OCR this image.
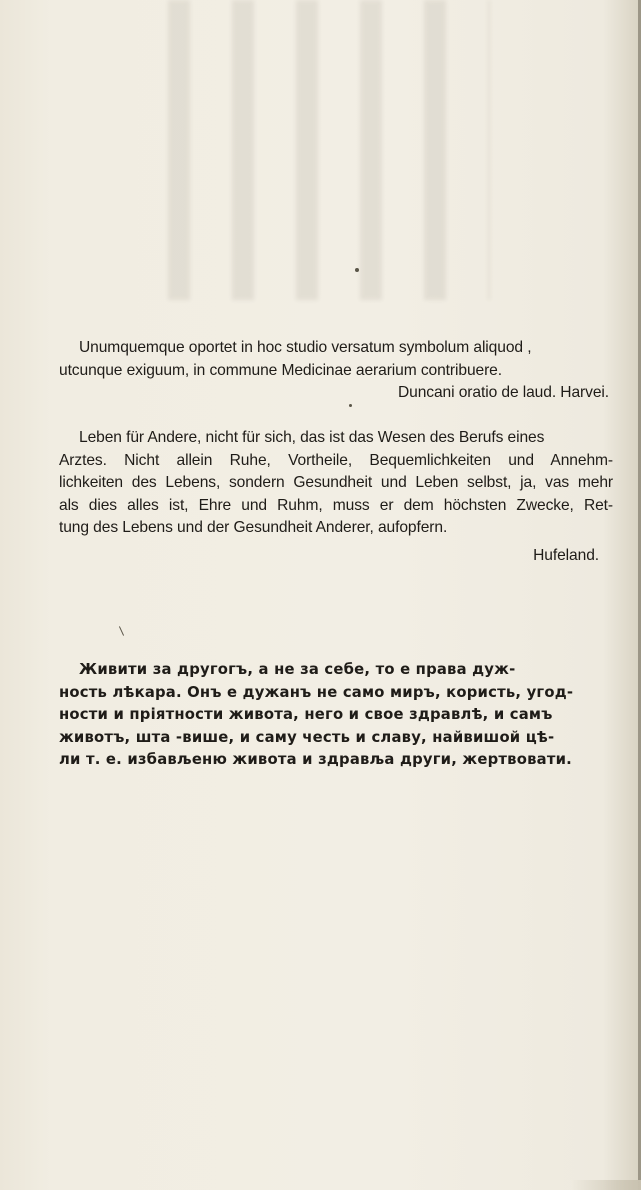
Unumquemque oportet in hoc studio versatum symbolum aliquod ,
utcunque exiguum, in commune Medicinae aerarium contribuere.
Duncani oratio de laud. Harvei.
Leben für Andere, nicht für sich, das ist das Wesen des Berufs eines
Arztes. Nicht allein Ruhe, Vortheile, Bequemlichkeiten und Annehm-
lichkeiten des Lebens, sondern Gesundheit und Leben selbst, ja, vas mehr
als dies alles ist, Ehre und Ruhm, muss er dem höchsten Zwecke, Ret-
tung des Lebens und der Gesundheit Anderer, aufopfern.
Hufeland.
Живити за другогъ, а не за себе, то е права дуж-
ность лѣкара. Онъ е дужанъ не само миръ, користь, угод-
ности и пріятности живота, него и свое здравлѣ, и самъ
животъ, шта -више, и саму честь и славу, найвишой цѣ-
ли т. е. избављеню живота и здравља други, жертвовати.
